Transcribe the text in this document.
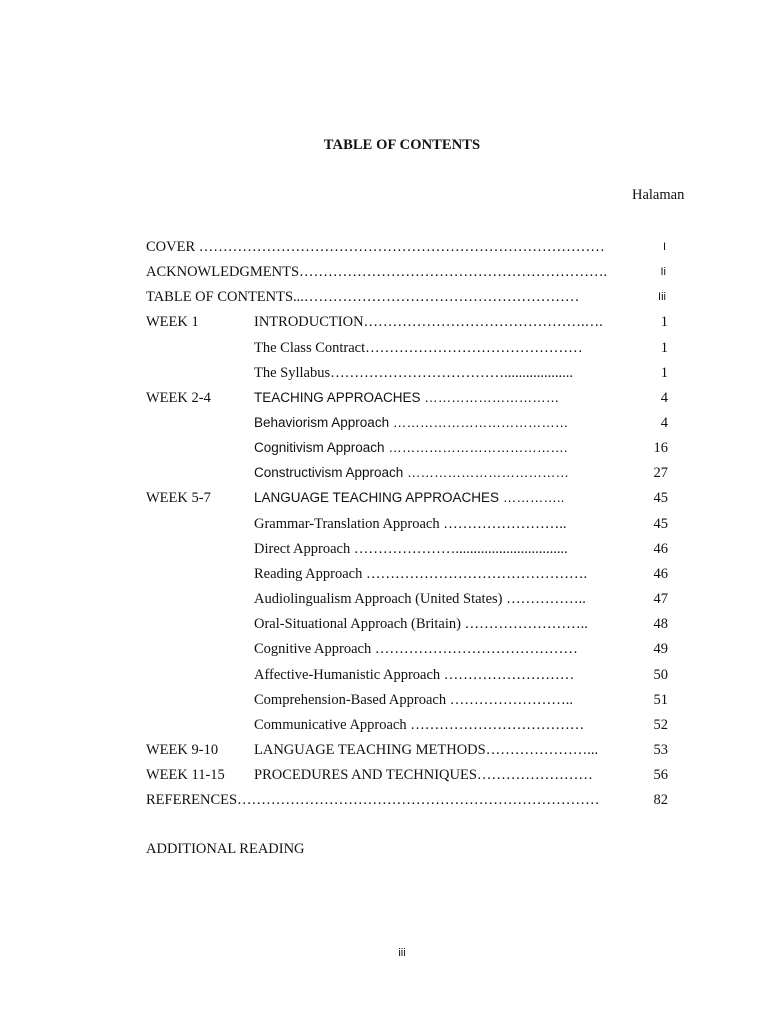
TABLE OF CONTENTS
Halaman
COVER …………………………………………………………………………	I
ACKNOWLEDGMENTS……………………………………………………….	Ii
TABLE OF CONTENTS...…………………………………………………	Iii
WEEK 1	INTRODUCTION……………………………………….….	1
The Class Contract………………………………………	1
The Syllabus………………………………...................	1
WEEK 2-4	TEACHING APPROACHES …………………………	4
Behaviorism Approach …………………………………	4
Cognitivism Approach ………………………………….	16
Constructivism Approach ………………………………	27
WEEK 5-7	LANGUAGE TEACHING APPROACHES …………..	45
Grammar-Translation Approach ……………………..	45
Direct Approach …………………...............................	46
Reading Approach ……………………………………….	46
Audiolingualism Approach (United States) ……………..	47
Oral-Situational Approach (Britain) ……………………..	48
Cognitive Approach ……………………………………	49
Affective-Humanistic Approach ………………………	50
Comprehension-Based Approach ……………………..	51
Communicative Approach ………………………………	52
WEEK 9-10 LANGUAGE TEACHING METHODS…………………...	53
WEEK 11-15 PROCEDURES AND TECHNIQUES……………………	56
REFERENCES…………………………………………………………………	82
ADDITIONAL READING
iii
